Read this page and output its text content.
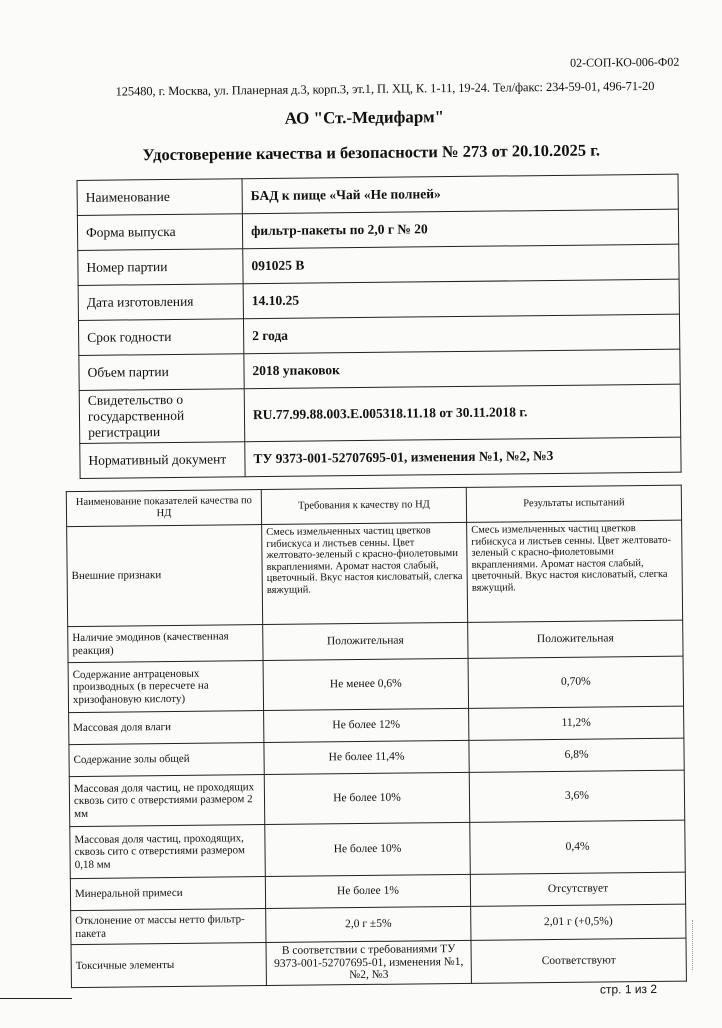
02-СОП-КО-006-Ф02
125480, г. Москва, ул. Планерная д.3, корп.3, эт.1, П. ХЦ, К. 1-11, 19-24. Тел/факс: 234-59-01, 496-71-20
АО "Ст.-Медифарм"
Удостоверение качества и безопасности № 273 от 20.10.2025 г.
Наименование	БАД к пище «Чай «Не полней»
Форма выпуска	фильтр-пакеты по 2,0 г № 20
Номер партии	091025 В
Дата изготовления	14.10.25
Срок годности	2 года
Объем партии	2018 упаковок
Свидетельство о государственной регистрации	RU.77.99.88.003.Е.005318.11.18 от 30.11.2018 г.
Нормативный документ	ТУ 9373-001-52707695-01, изменения №1, №2, №3
Наименование показателей качества по НД	Требования к качеству по НД	Результаты испытаний
Внешние признаки	Смесь измельченных частиц цветков гибискуса и листьев сенны. Цвет желтовато-зеленый с красно-фиолетовыми вкраплениями. Аромат настоя слабый, цветочный. Вкус настоя кисловатый, слегка вяжущий.	Смесь измельченных частиц цветков гибискуса и листьев сенны. Цвет желтовато-зеленый с красно-фиолетовыми вкраплениями. Аромат настоя слабый, цветочный. Вкус настоя кисловатый, слегка вяжущий.
Наличие эмодинов (качественная реакция)	Положительная	Положительная
Содержание антраценовых производных (в пересчете на хризофановую кислоту)	Не менее 0,6%	0,70%
Массовая доля влаги	Не более 12%	11,2%
Содержание золы общей	Не более 11,4%	6,8%
Массовая доля частиц, не проходящих сквозь сито с отверстиями размером 2 мм	Не более 10%	3,6%
Массовая доля частиц, проходящих, сквозь сито с отверстиями размером 0,18 мм	Не более 10%	0,4%
Минеральной примеси	Не более 1%	Отсутствует
Отклонение от массы нетто фильтр-пакета	2,0 г ±5%	2,01 г (+0,5%)
Токсичные элементы	В соответствии с требованиями ТУ 9373-001-52707695-01, изменения №1, №2, №3	Соответствуют
стр. 1 из 2
